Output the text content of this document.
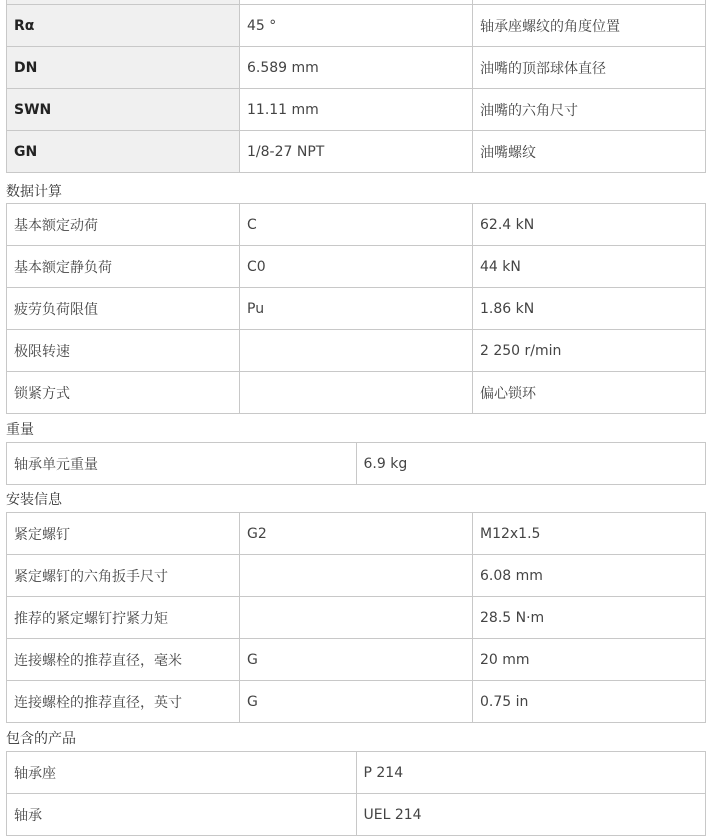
Rα	45 °	轴承座螺纹的角度位置
DN	6.589 mm	油嘴的顶部球体直径
SWN	11.11 mm	油嘴的六角尺寸
GN	1/8-27 NPT	油嘴螺纹
数据计算
基本额定动荷	C	62.4 kN
基本额定静负荷	C0	44 kN
疲劳负荷限值	Pu	1.86 kN
极限转速		2 250 r/min
锁紧方式		偏心锁环
重量
轴承单元重量	6.9 kg
安装信息
紧定螺钉	G2	M12x1.5
紧定螺钉的六角扳手尺寸		6.08 mm
推荐的紧定螺钉拧紧力矩		28.5 N·m
连接螺栓的推荐直径，毫米	G	20 mm
连接螺栓的推荐直径，英寸	G	0.75 in
包含的产品
轴承座	P 214
轴承	UEL 214
